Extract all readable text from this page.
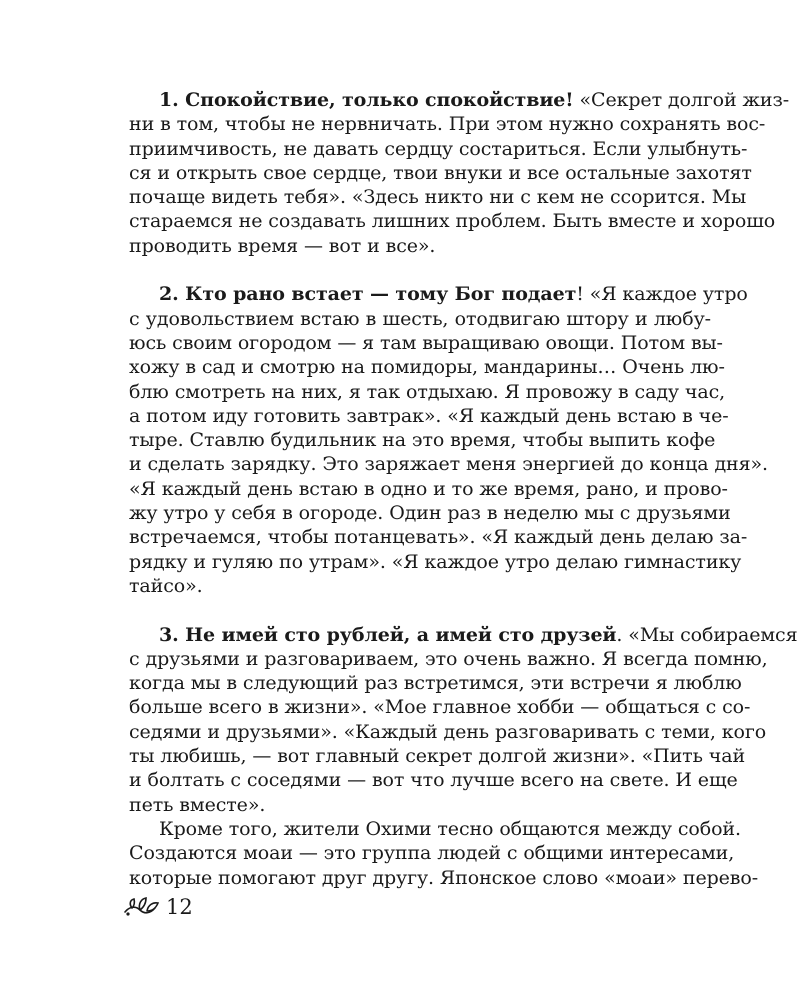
1. Спокойствие, только спокойствие! «Секрет долгой жиз-
ни в том, чтобы не нервничать. При этом нужно сохранять вос-
приимчивость, не давать сердцу состариться. Если улыбнуть-
ся и открыть свое сердце, твои внуки и все остальные захотят
почаще видеть тебя». «Здесь никто ни с кем не ссорится. Мы
стараемся не создавать лишних проблем. Быть вместе и хорошо
проводить время — вот и все».
2. Кто рано встает — тому Бог подает! «Я каждое утро
с удовольствием встаю в шесть, отодвигаю штору и любу-
юсь своим огородом — я там выращиваю овощи. Потом вы-
хожу в сад и смотрю на помидоры, мандарины… Очень лю-
блю смотреть на них, я так отдыхаю. Я провожу в саду час,
а потом иду готовить завтрак». «Я каждый день встаю в че-
тыре. Ставлю будильник на это время, чтобы выпить кофе
и сделать зарядку. Это заряжает меня энергией до конца дня».
«Я каждый день встаю в одно и то же время, рано, и прово-
жу утро у себя в огороде. Один раз в неделю мы с друзьями
встречаемся, чтобы потанцевать». «Я каждый день делаю за-
рядку и гуляю по утрам». «Я каждое утро делаю гимнастику
тайсо».
3. Не имей сто рублей, а имей сто друзей. «Мы собираемся
с друзьями и разговариваем, это очень важно. Я всегда помню,
когда мы в следующий раз встретимся, эти встречи я люблю
больше всего в жизни». «Мое главное хобби — общаться с со-
седями и друзьями». «Каждый день разговаривать с теми, кого
ты любишь, — вот главный секрет долгой жизни». «Пить чай
и болтать с соседями — вот что лучше всего на свете. И еще
петь вместе».
Кроме того, жители Охими тесно общаются между собой.
Создаются моаи — это группа людей с общими интересами,
которые помогают друг другу. Японское слово «моаи» перево-
12
